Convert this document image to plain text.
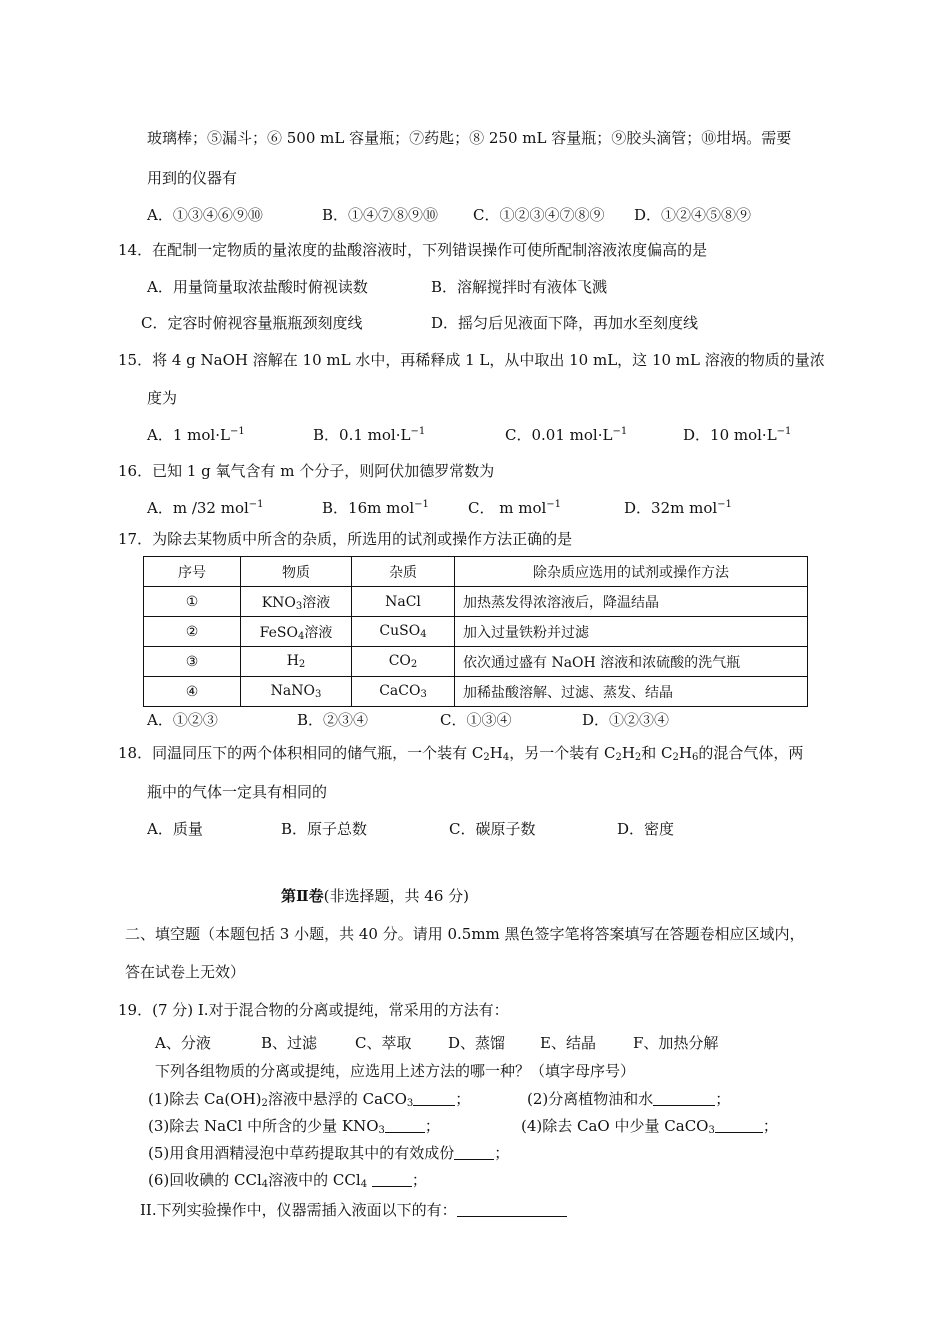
玻璃棒；⑤漏斗；⑥ 500 mL 容量瓶；⑦药匙；⑧ 250 mL 容量瓶；⑨胶头滴管；⑩坩埚。需要
用到的仪器有
A．①③④⑥⑨⑩	B．①④⑦⑧⑨⑩ C．①②③④⑦⑧⑨ D．①②④⑤⑧⑨
14．在配制一定物质的量浓度的盐酸溶液时，下列错误操作可使所配制溶液浓度偏高的是
A．用量筒量取浓盐酸时俯视读数	B．溶解搅拌时有液体飞溅
C．定容时俯视容量瓶瓶颈刻度线	D．摇匀后见液面下降，再加水至刻度线
15．将 4 g NaOH 溶解在 10 mL 水中，再稀释成 1 L，从中取出 10 mL，这 10 mL 溶液的物质的量浓
度为
A．1 $mol\cdot L^{-1}$	B．0.1 $mol\cdot L^{-1}$	C．0.01 $mol\cdot L^{-1}$	D．10 $mol\cdot L^{-1}$
16．已知 1 g 氧气含有 m 个分子，则阿伏加德罗常数为
A．m /32 mol$^{-1}$	B．16m mol$^{-1}$	C． m mol$^{-1}$	D．32m mol$^{-1}$
17．为除去某物质中所含的杂质，所选用的试剂或操作方法正确的是
序号	物质	杂质	除杂质应选用的试剂或操作方法
①	$KNO_3$溶液	NaCl	加热蒸发得浓溶液后，降温结晶
②	FeSO$_4$溶液	CuSO$_4$	加入过量铁粉并过滤
③	$H_2$	$CO_2$	依次通过盛有 NaOH 溶液和浓硫酸的洗气瓶
④	NaNO$_3$	CaCO$_3$	加稀盐酸溶解、过滤、蒸发、结晶
A．①②③	B．②③④	C．①③④	D．①②③④
18．同温同压下的两个体积相同的储气瓶，一个装有 $C_2H_4$，另一个装有 $C_2H_2$和 $C_2H_6$的混合气体，两
瓶中的气体一定具有相同的
A．质量	B．原子总数	C．碳原子数	D．密度
第Ⅱ卷(非选择题，共 46 分)
二、填空题（本题包括 3 小题，共 40 分。请用 0.5mm 黑色签字笔将答案填写在答题卷相应区域内，
答在试卷上无效）
19．(7 分) I.对于混合物的分离或提纯，常采用的方法有：
A、分液	B、过滤	C、萃取 D、蒸馏 E、结晶 F、加热分解
下列各组物质的分离或提纯，应选用上述方法的哪一种？（填字母序号）
(1)除去 $Ca(OH)_2$溶液中悬浮的 CaCO$_3$	；	(2)分离植物油和水	；
(3)除去 NaCl 中所含的少量 $KNO_3$	；	(4)除去 CaO 中少量 CaCO$_3$	；
(5)用食用酒精浸泡中草药提取其中的有效成份	；
(6)回收碘的 CCl$_4$溶液中的 CCl$_4$	；
II.下列实验操作中，仪器需插入液面以下的有：
